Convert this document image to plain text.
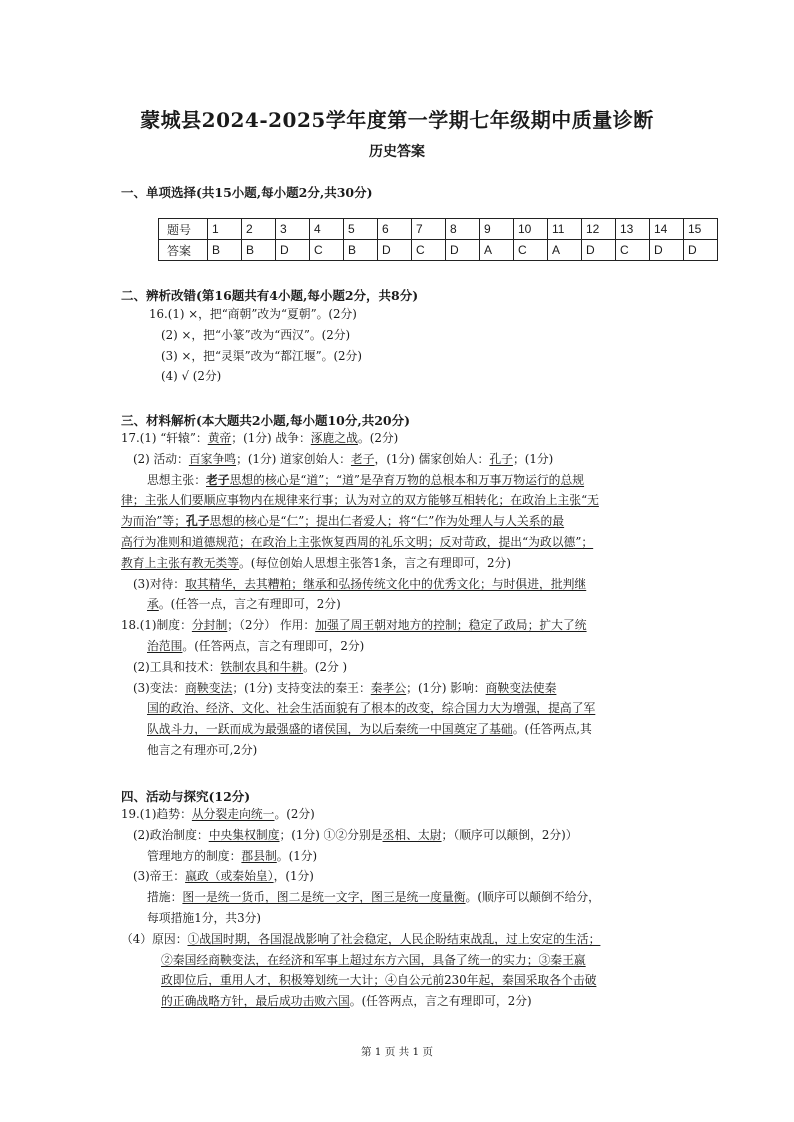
蒙城县2024-2025学年度第一学期七年级期中质量诊断
历史答案
一、单项选择(共15小题,每小题2分,共30分)
题号	1	2	3	4	5	6	7	8	9	10	11	12	13	14	15
答案	B	B	D	C	B	D	C	D	A	C	A	D	C	D	D
二、辨析改错(第16题共有4小题,每小题2分，共8分)
16.(1) ×，把“商朝”改为“夏朝”。(2分)
(2) ×，把“小篆”改为“西汉”。(2分)
(3) ×，把“灵渠”改为“都江堰”。(2分)
(4) √ (2分)
三、材料解析(本大题共2小题,每小题10分,共20分)
17.(1) “轩辕”：黄帝；(1分) 战争：涿鹿之战。(2分)
(2) 活动：百家争鸣；(1分) 道家创始人：老子，(1分) 儒家创始人：孔子；(1分)
思想主张：老子思想的核心是“道”；“道”是孕育万物的总根本和万事万物运行的总规
律；主张人们要顺应事物内在规律来行事；认为对立的双方能够互相转化；在政治上主张“无
为而治”等；孔子思想的核心是“仁”；提出仁者爱人；将“仁”作为处理人与人关系的最
高行为准则和道德规范；在政治上主张恢复西周的礼乐文明；反对苛政，提出“为政以德”；
教育上主张有教无类等。(每位创始人思想主张答1条，言之有理即可，2分)
(3)对待：取其精华，去其糟粕；继承和弘扬传统文化中的优秀文化；与时俱进，批判继
承。(任答一点，言之有理即可，2分)
18.(1)制度：分封制；（2分） 作用：加强了周王朝对地方的控制；稳定了政局；扩大了统
治范围。(任答两点，言之有理即可，2分)
(2)工具和技术：铁制农具和牛耕。(2分 )
(3)变法：商鞅变法；(1分) 支持变法的秦王：秦孝公；(1分) 影响：商鞅变法使秦
国的政治、经济、文化、社会生活面貌有了根本的改变，综合国力大为增强，提高了军
队战斗力，一跃而成为最强盛的诸侯国，为以后秦统一中国奠定了基础。(任答两点,其
他言之有理亦可,2分)
四、活动与探究(12分)
19.(1)趋势：从分裂走向统一。(2分)
(2)政治制度：中央集权制度；(1分) ①②分别是丞相、太尉；（顺序可以颠倒，2分)）
管理地方的制度：郡县制。(1分)
(3)帝王：嬴政（或秦始皇），(1分)
措施：图一是统一货币，图二是统一文字，图三是统一度量衡。(顺序可以颠倒不给分，
每项措施1分，共3分)
（4）原因：①战国时期，各国混战影响了社会稳定，人民企盼结束战乱，过上安定的生活；
②秦国经商鞅变法，在经济和军事上超过东方六国，具备了统一的实力；③秦王嬴
政即位后，重用人才，积极筹划统一大计；④自公元前230年起，秦国采取各个击破
的正确战略方针，最后成功击败六国。(任答两点，言之有理即可，2分)
第 1 页 共 1 页
